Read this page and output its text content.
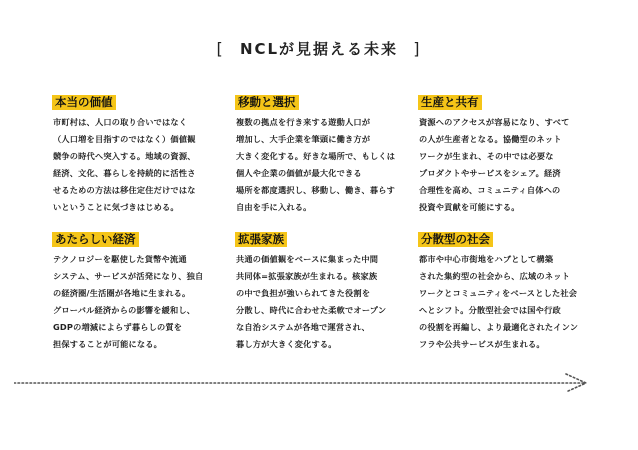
[ NCLが見据える未来 ]
本当の価値
市町村は、人口の取り合いではなく
（人口増を目指すのではなく）価値観
競争の時代へ突入する。地域の資源、
経済、文化、暮らしを持続的に活性さ
せるための方法は移住定住だけではな
いということに気づきはじめる。
移動と選択
複数の拠点を行き来する遊動人口が
増加し、大手企業を筆頭に働き方が
大きく変化する。好きな場所で、もしくは
個人や企業の価値が最大化できる
場所を都度選択し、移動し、働き、暮らす
自由を手に入れる。
生産と共有
資源へのアクセスが容易になり、すべて
の人が生産者となる。協働型のネット
ワークが生まれ、その中では必要な
プロダクトやサービスをシェア。経済
合理性を高め、コミュニティ自体への
投資や貢献を可能にする。
あたらしい経済
テクノロジーを駆使した貨幣や流通
システム、サービスが活発になり、独自
の経済圏/生活圏が各地に生まれる。
グローバル経済からの影響を緩和し、
GDPの増減によらず暮らしの質を
担保することが可能になる。
拡張家族
共通の価値観をベースに集まった中間
共同体=拡張家族が生まれる。核家族
の中で負担が強いられてきた役割を
分散し、時代に合わせた柔軟でオープン
な自治システムが各地で運営され、
暮し方が大きく変化する。
分散型の社会
都市や中心市街地をハブとして構築
された集約型の社会から、広域のネット
ワークとコミュニティをベースとした社会
へとシフト。分散型社会では国や行政
の役割を再編し、より最適化されたインン
フラや公共サービスが生まれる。
